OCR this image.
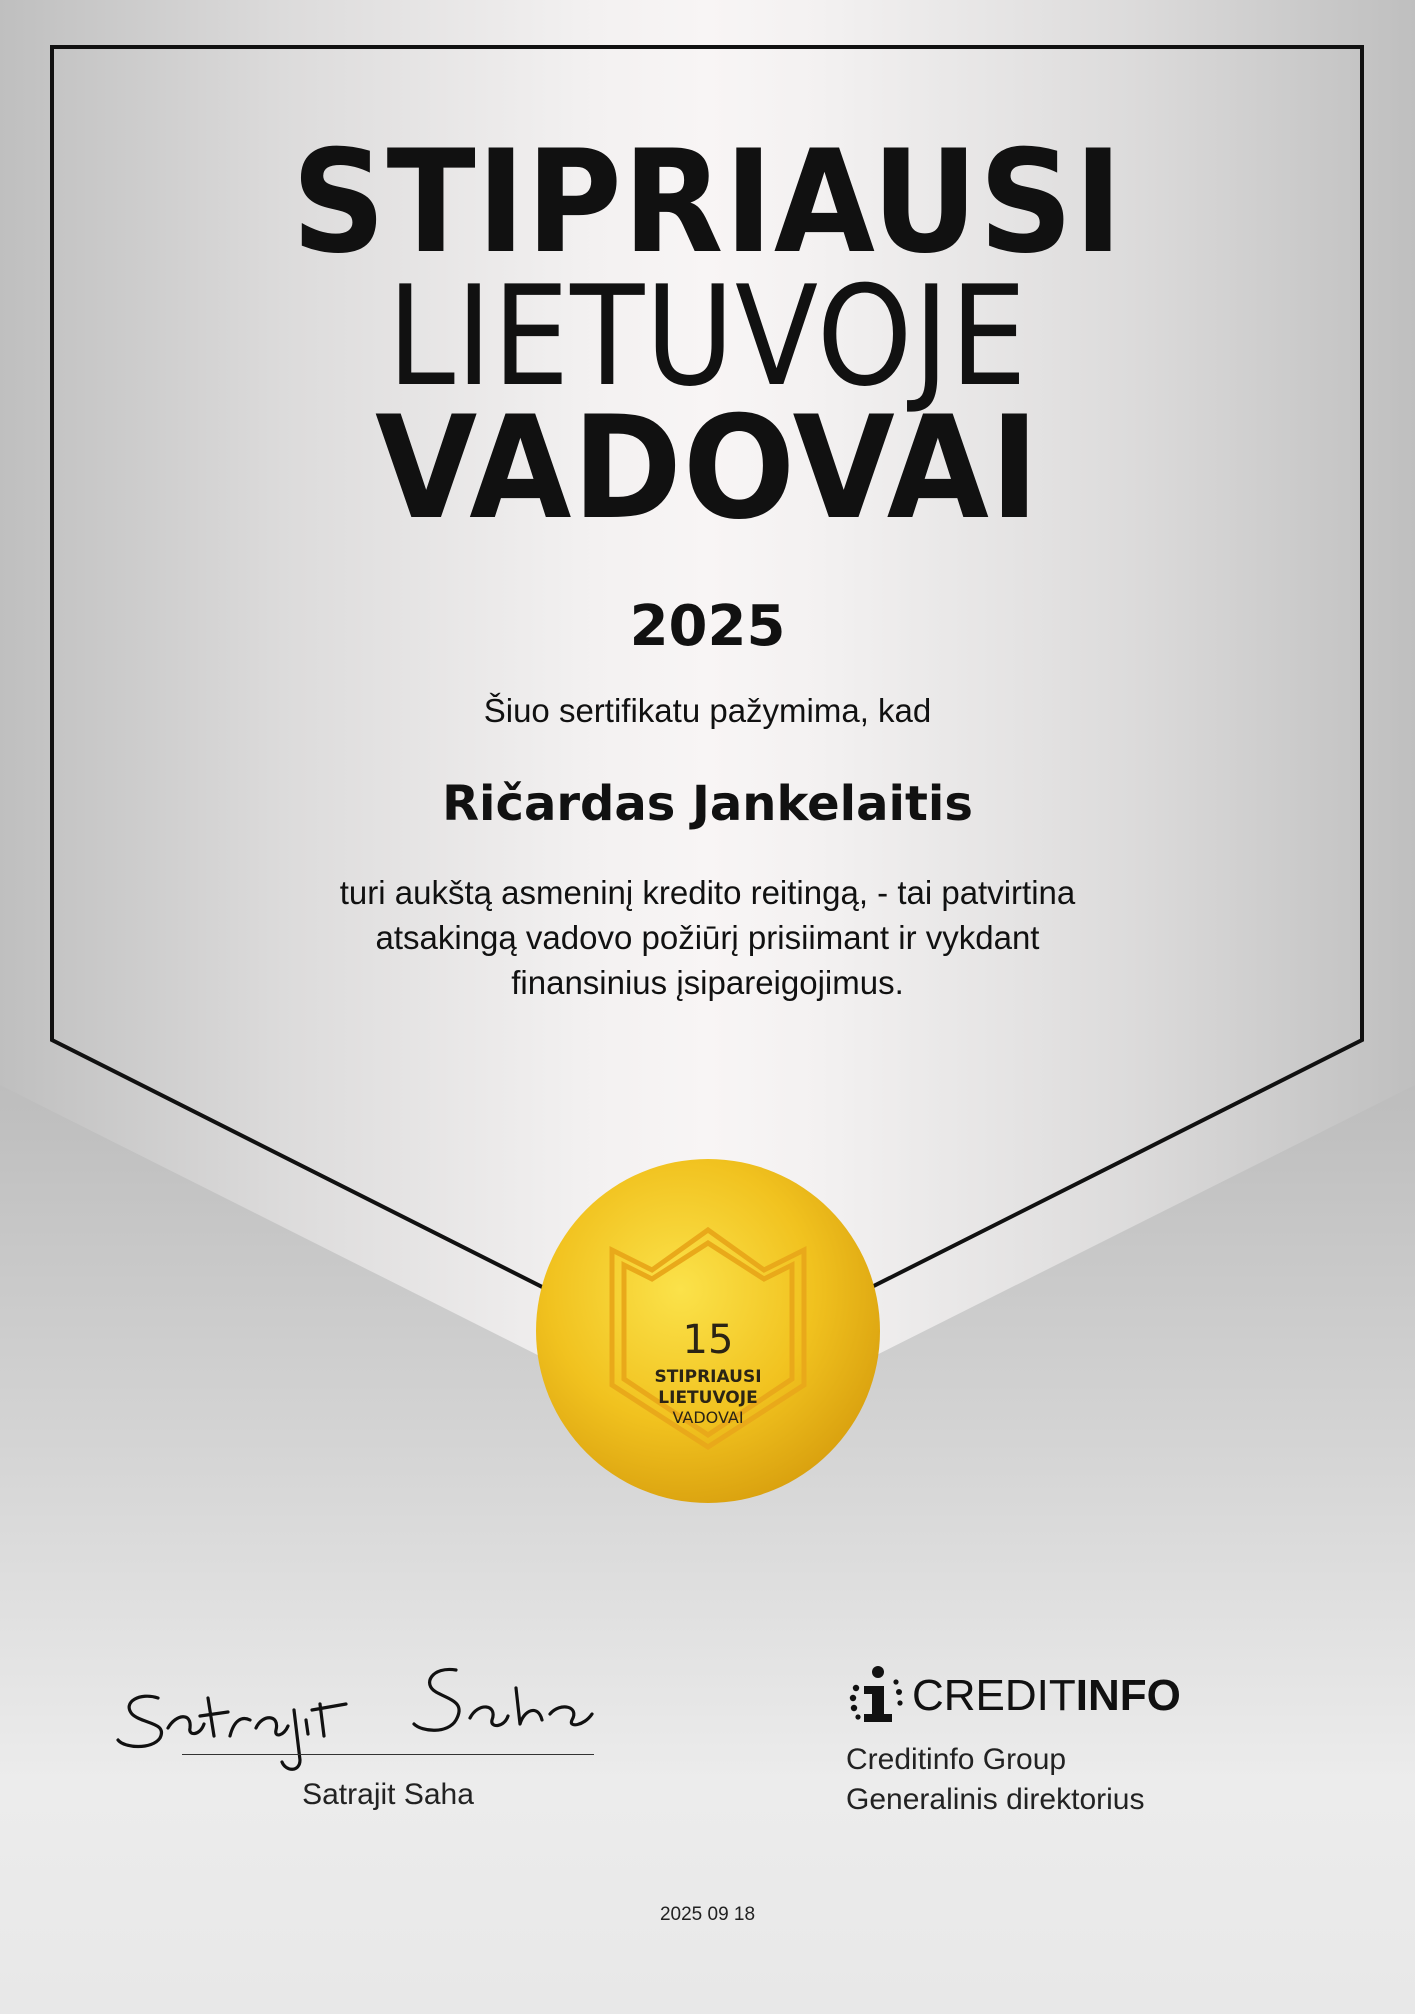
STIPRIAUSI
LIETUVOJE
VADOVAI
2025
Šiuo sertifikatu pažymima, kad
Ričardas Jankelaitis
turi aukštą asmeninį kredito reitingą, - tai patvirtina
atsakingą vadovo požiūrį prisiimant ir vykdant
finansinius įsipareigojimus.
15
STIPRIAUSI
LIETUVOJE
VADOVAI
Satrajit Saha
CREDITINFO
Creditinfo Group
Generalinis direktorius
2025 09 18
